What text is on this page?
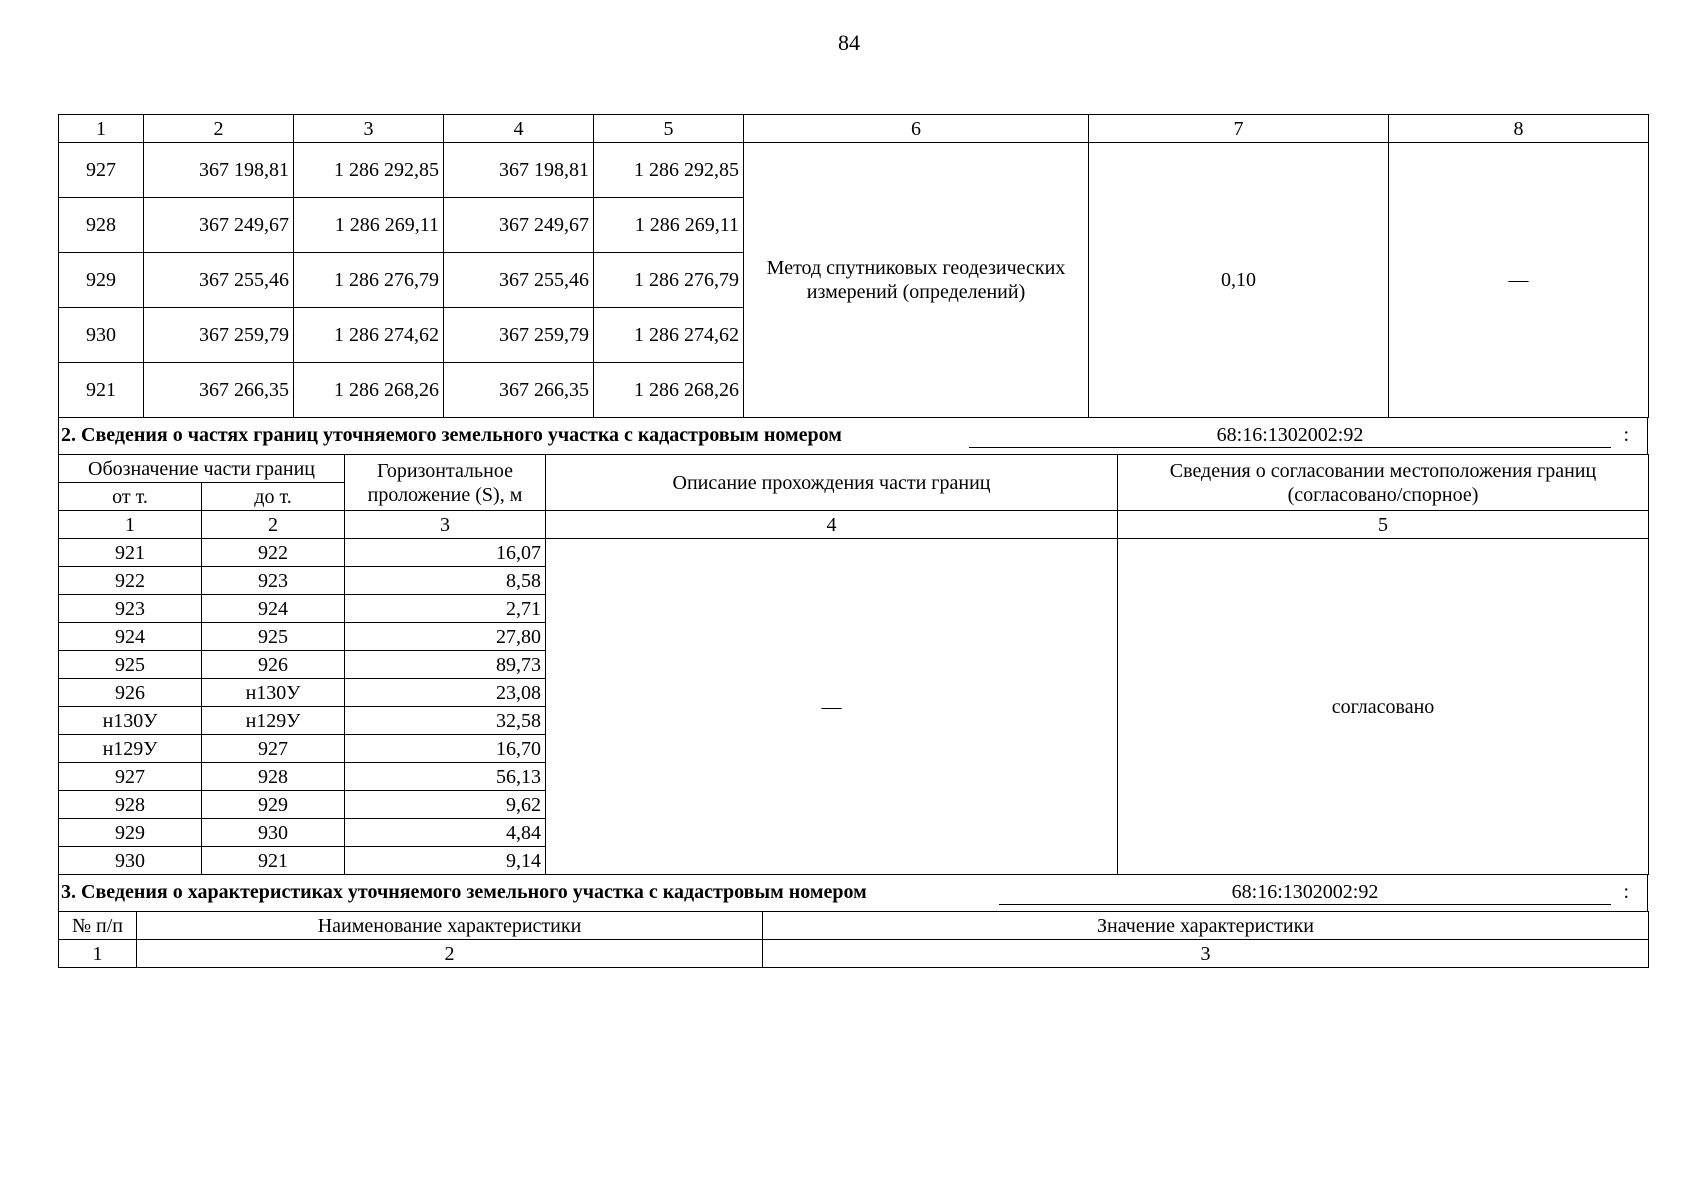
84
1	2	3	4	5	6	7	8
927	367 198,81	1 286 292,85	367 198,81	1 286 292,85	Метод спутниковых геодезических измерений (определений)	0,10	—
928	367 249,67	1 286 269,11	367 249,67	1 286 269,11			
929	367 255,46	1 286 276,79	367 255,46	1 286 276,79			
930	367 259,79	1 286 274,62	367 259,79	1 286 274,62			
921	367 266,35	1 286 268,26	367 266,35	1 286 268,26			
2. Сведения о частях границ уточняемого земельного участка с кадастровым номером	68:16:1302002:92	:
Обозначение части границ		Горизонтальное проложение (S), м	Описание прохождения части границ	Сведения о согласовании местоположения границ (согласовано/спорное)
от т.	до т.			
1	2	3	4	5
921	922	16,07	—	согласовано
922	923	8,58		
923	924	2,71		
924	925	27,80		
925	926	89,73		
926	н130У	23,08		
н130У	н129У	32,58		
н129У	927	16,70		
927	928	56,13		
928	929	9,62		
929	930	4,84		
930	921	9,14		
3. Сведения о характеристиках уточняемого земельного участка с кадастровым номером	68:16:1302002:92	:
№ п/п	Наименование характеристики	Значение характеристики
1	2	3
